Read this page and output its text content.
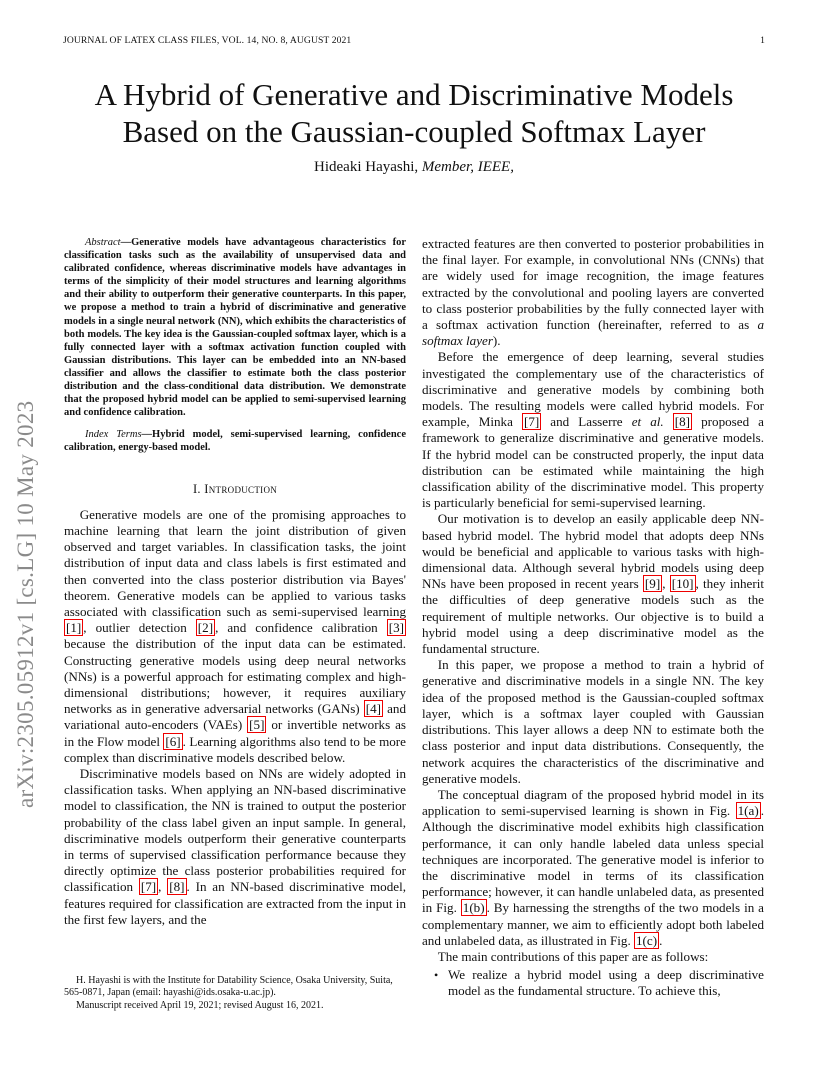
JOURNAL OF LATEX CLASS FILES, VOL. 14, NO. 8, AUGUST 2021	1
arXiv:2305.05912v1 [cs.LG] 10 May 2023
A Hybrid of Generative and Discriminative Models
Based on the Gaussian-coupled Softmax Layer
Hideaki Hayashi, Member, IEEE,

Abstract—Generative models have advantageous characteristics for classification tasks such as the availability of unsupervised data and calibrated confidence, whereas discriminative models have advantages in terms of the simplicity of their model structures and learning algorithms and their ability to outperform their generative counterparts. In this paper, we propose a method to train a hybrid of discriminative and generative models in a single neural network (NN), which exhibits the characteristics of both models. The key idea is the Gaussian-coupled softmax layer, which is a fully connected layer with a softmax activation function coupled with Gaussian distributions. This layer can be embedded into an NN-based classifier and allows the classifier to estimate both the class posterior distribution and the class-conditional data distribution. We demonstrate that the proposed hybrid model can be applied to semi-supervised learning and confidence calibration.

Index Terms—Hybrid model, semi-supervised learning, confidence calibration, energy-based model.

I. Introduction

Generative models are one of the promising approaches to machine learning that learn the joint distribution of given observed and target variables. In classification tasks, the joint distribution of input data and class labels is first estimated and then converted into the class posterior distribution via Bayes' theorem. Generative models can be applied to various tasks associated with classification such as semi-supervised learning [1] , outlier detection [2] , and confidence calibration [3] because the distribution of the input data can be estimated. Constructing generative models using deep neural networks (NNs) is a powerful approach for estimating complex and high-dimensional distributions; however, it requires auxiliary networks as in generative adversarial networks (GANs) [4] and variational auto-encoders (VAEs) [5] or invertible networks as in the Flow model [6] . Learning algorithms also tend to be more complex than discriminative models described below.

Discriminative models based on NNs are widely adopted in classification tasks. When applying an NN-based discriminative model to classification, the NN is trained to output the posterior probability of the class label given an input sample. In general, discriminative models outperform their generative counterparts in terms of supervised classification performance because they directly optimize the class posterior probabilities required for classification [7] , [8] . In an NN-based discriminative model, features required for classification are extracted from the input in the first few layers, and the

H. Hayashi is with the Institute for Datability Science, Osaka University, Suita, 565-0871, Japan (email: hayashi@ids.osaka-u.ac.jp).

Manuscript received April 19, 2021; revised August 16, 2021.

extracted features are then converted to posterior probabilities in the final layer. For example, in convolutional NNs (CNNs) that are widely used for image recognition, the image features extracted by the convolutional and pooling layers are converted to class posterior probabilities by the fully connected layer with a softmax activation function (hereinafter, referred to as a softmax layer).

Before the emergence of deep learning, several studies investigated the complementary use of the characteristics of discriminative and generative models by combining both models. The resulting models were called hybrid models. For example, Minka [7] and Lasserre et al. [8] proposed a framework to generalize discriminative and generative models. If the hybrid model can be constructed properly, the input data distribution can be estimated while maintaining the high classification ability of the discriminative model. This property is particularly beneficial for semi-supervised learning.

Our motivation is to develop an easily applicable deep NN-based hybrid model. The hybrid model that adopts deep NNs would be beneficial and applicable to various tasks with high-dimensional data. Although several hybrid models using deep NNs have been proposed in recent years [9] , [10] , they inherit the difficulties of deep generative models such as the requirement of multiple networks. Our objective is to build a hybrid model using a deep discriminative model as the fundamental structure.

In this paper, we propose a method to train a hybrid of generative and discriminative models in a single NN. The key idea of the proposed method is the Gaussian-coupled softmax layer, which is a softmax layer coupled with Gaussian distributions. This layer allows a deep NN to estimate both the class posterior and input data distributions. Consequently, the network acquires the characteristics of the discriminative and generative models.

The conceptual diagram of the proposed hybrid model in its application to semi-supervised learning is shown in Fig. 1(a) . Although the discriminative model exhibits high classification performance, it can only handle labeled data unless special techniques are incorporated. The generative model is inferior to the discriminative model in terms of its classification performance; however, it can handle unlabeled data, as presented in Fig. 1(b) . By harnessing the strengths of the two models in a complementary manner, we aim to efficiently adopt both labeled and unlabeled data, as illustrated in Fig. 1(c) .

The main contributions of this paper are as follows:

• We realize a hybrid model using a deep discriminative model as the fundamental structure. To achieve this,
